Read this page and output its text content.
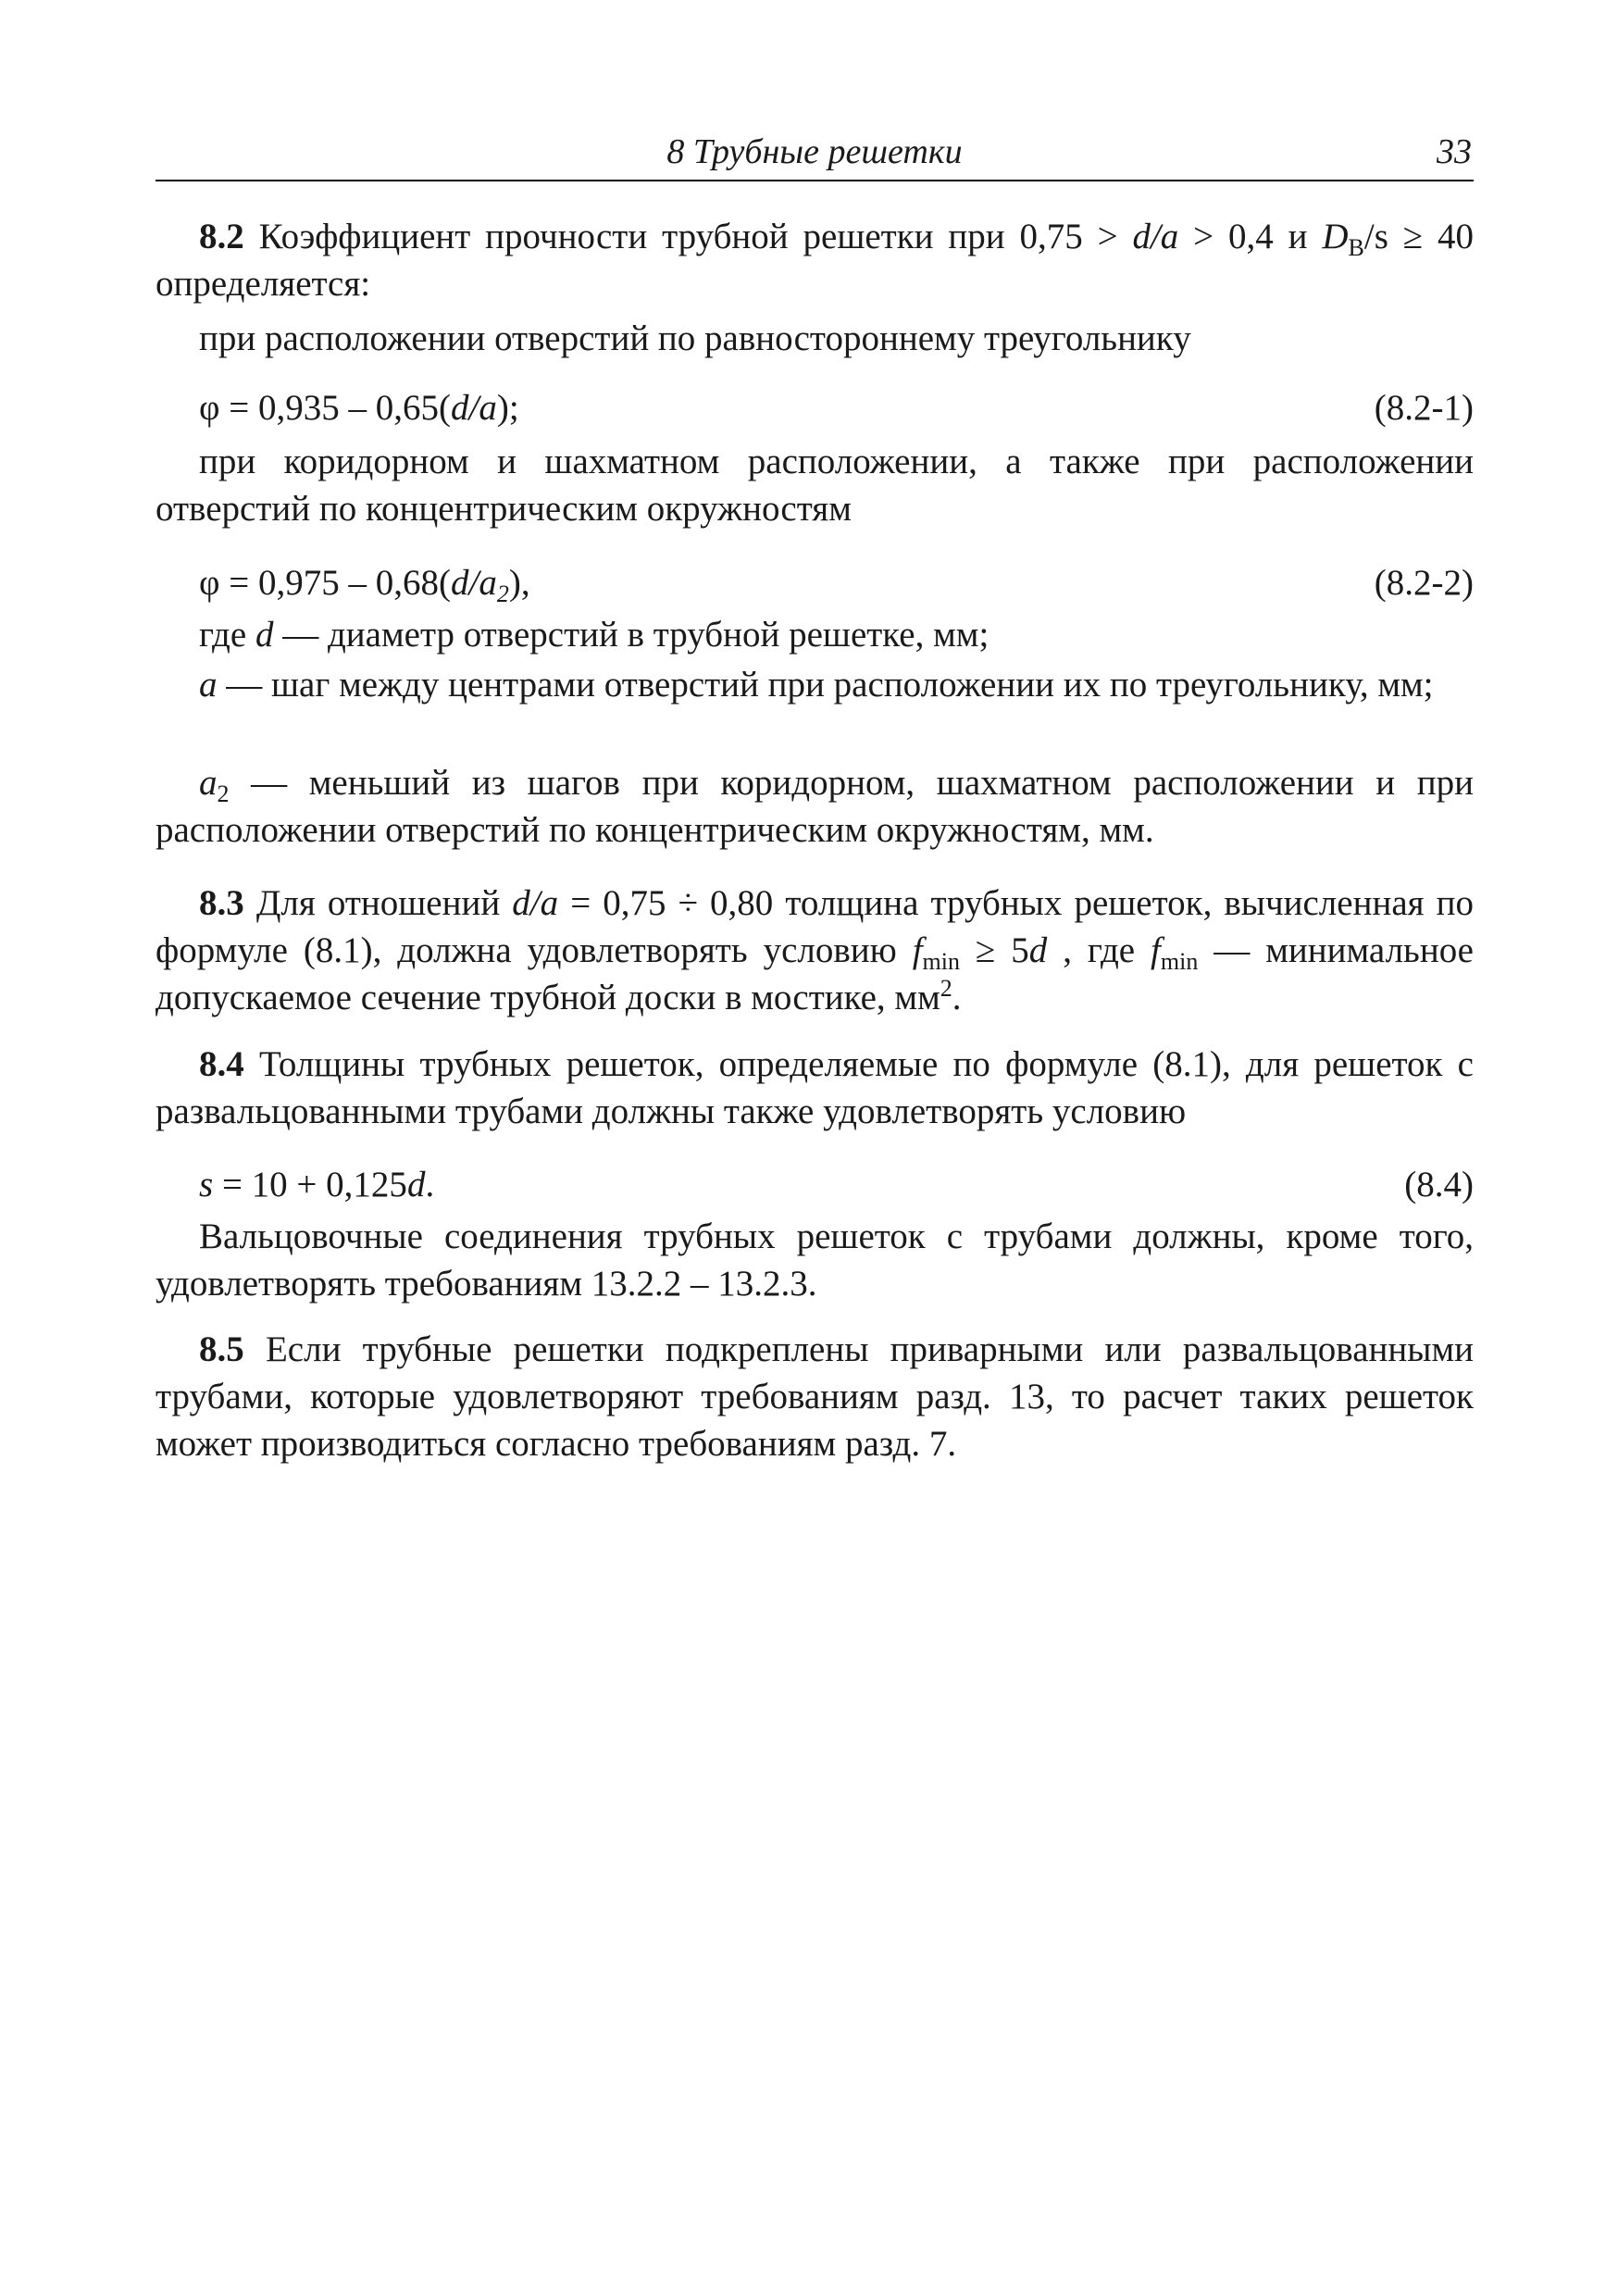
8 Трубные решетки	33

8.2 Коэффициент прочности трубной решетки при 0,75 > d/a > 0,4 и $D_В/s \ge 40$ определяется:

при расположении отверстий по равностороннему треугольнику

φ = 0,935 – 0,65(d/a);	(8.2-1)

при коридорном и шахматном расположении, а также при расположении отверстий по концентрическим окружностям

$\varphi = 0,975 - 0,68(d/a_2)$,	(8.2-2)

где d — диаметр отверстий в трубной решетке, мм;

a — шаг между центрами отверстий при расположении их по треугольнику, мм;

$a_2$ — меньший из шагов при коридорном, шахматном расположении и при расположении отверстий по концентрическим окружностям, мм.

8.3 Для отношений d/a = 0,75 ÷ 0,80 толщина трубных решеток, вычисленная по формуле (8.1), должна удовлетворять условию $f_{min} \ge 5d$ , где $f_{min}$ — минимальное допускаемое сечение трубной доски в мостике, $мм^2$.

8.4 Толщины трубных решеток, определяемые по формуле (8.1), для решеток с развальцованными трубами должны также удовлетворять условию

s = 10 + 0,125d.	(8.4)

Вальцовочные соединения трубных решеток с трубами должны, кроме того, удовлетворять требованиям 13.2.2 – 13.2.3.

8.5 Если трубные решетки подкреплены приварными или развальцованными трубами, которые удовлетворяют требованиям разд. 13, то расчет таких решеток может производиться согласно требованиям разд. 7.
